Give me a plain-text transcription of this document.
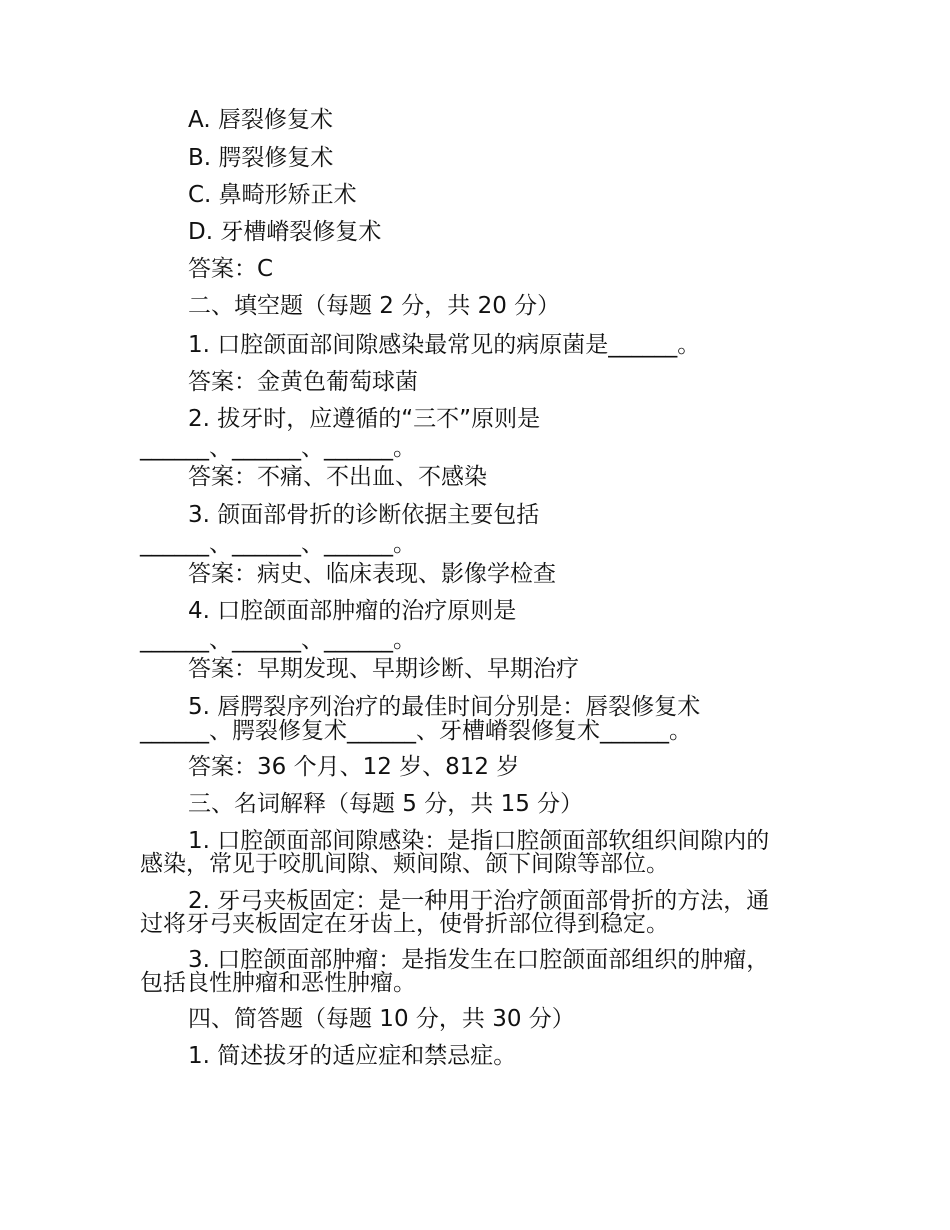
A. 唇裂修复术
B. 腭裂修复术
C. 鼻畸形矫正术
D. 牙槽嵴裂修复术
答案：C
二、填空题（每题 2 分，共 20 分）
1. 口腔颌面部间隙感染最常见的病原菌是______。
答案：金黄色葡萄球菌
2. 拔牙时，应遵循的“三不”原则是
______、______、______。
答案：不痛、不出血、不感染
3. 颌面部骨折的诊断依据主要包括
______、______、______。
答案：病史、临床表现、影像学检查
4. 口腔颌面部肿瘤的治疗原则是
______、______、______。
答案：早期发现、早期诊断、早期治疗
5. 唇腭裂序列治疗的最佳时间分别是：唇裂修复术
______、腭裂修复术______、牙槽嵴裂修复术______。
答案：36 个月、12 岁、812 岁
三、名词解释（每题 5 分，共 15 分）
1. 口腔颌面部间隙感染：是指口腔颌面部软组织间隙内的
感染，常见于咬肌间隙、颊间隙、颌下间隙等部位。
2. 牙弓夹板固定：是一种用于治疗颌面部骨折的方法，通
过将牙弓夹板固定在牙齿上，使骨折部位得到稳定。
3. 口腔颌面部肿瘤：是指发生在口腔颌面部组织的肿瘤，
包括良性肿瘤和恶性肿瘤。
四、简答题（每题 10 分，共 30 分）
1. 简述拔牙的适应症和禁忌症。
